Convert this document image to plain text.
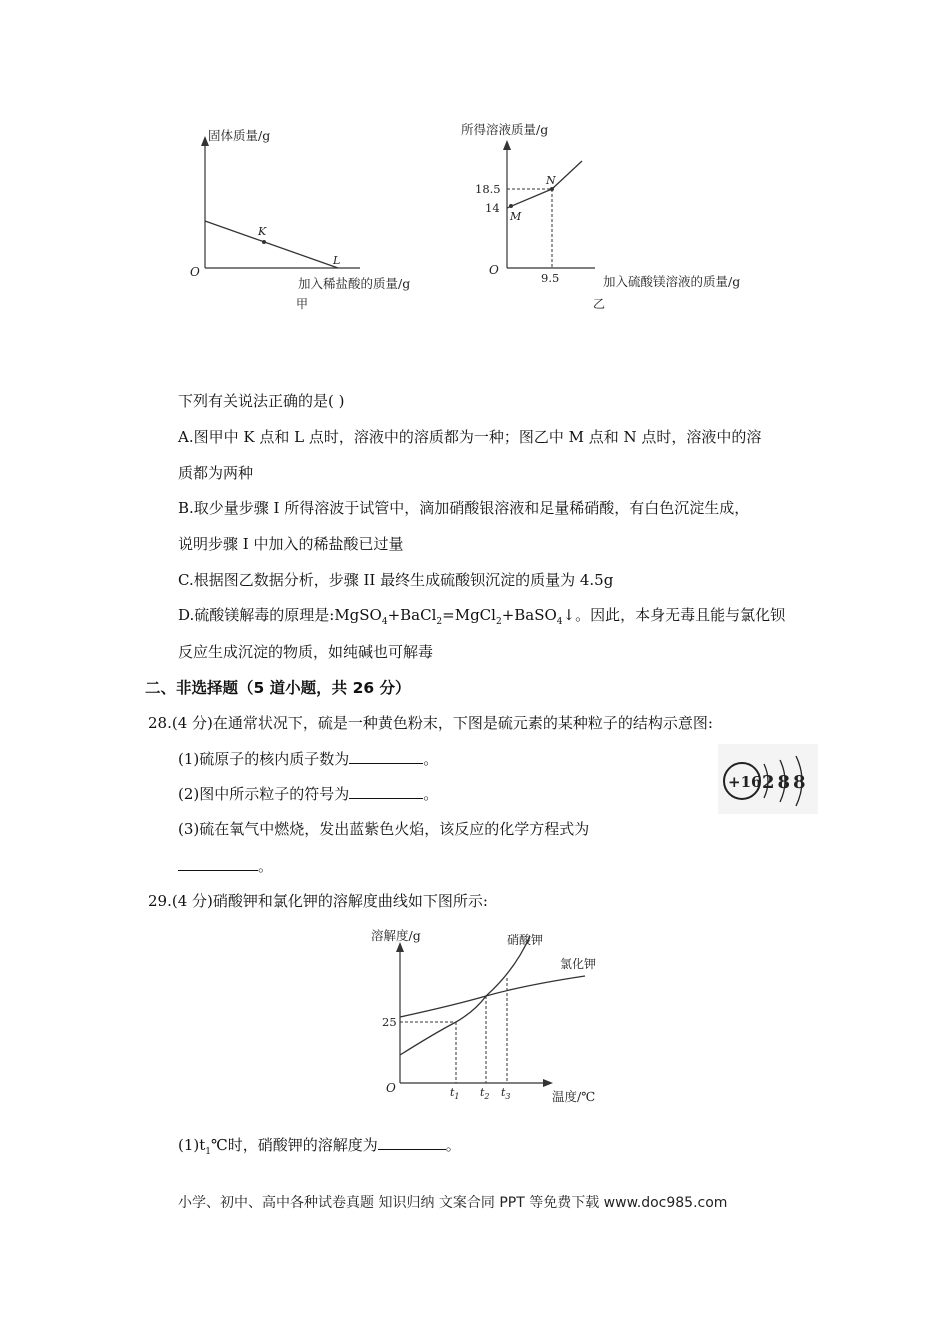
固体质量/g
O
K
L
加入稀盐酸的质量/g
甲
所得溶液质量/g
18.5
14
M
N
O
9.5	加入硫酸镁溶液的质量/g
乙
下列有关说法正确的是( )
A.图甲中 K 点和 L 点时，溶液中的溶质都为一种；图乙中 M 点和 N 点时，溶液中的溶
质都为两种
B.取少量步骤 I 所得溶波于试管中，滴加硝酸银溶液和足量稀硝酸，有白色沉淀生成，
说明步骤 I 中加入的稀盐酸已过量
C.根据图乙数据分析，步骤 II 最终生成硫酸钡沉淀的质量为 4.5g
D.硫酸镁解毒的原理是:MgSO$_4$+BaCl$_2$=MgCl$_2$+BaSO$_4$↓。因此，本身无毒且能与氯化钡
反应生成沉淀的物质，如纯碱也可解毒
二、非选择题（5 道小题，共 26 分）
28.(4 分)在通常状况下，硫是一种黄色粉末，下图是硫元素的某种粒子的结构示意图:
(1)硫原子的核内质子数为	。
(2)图中所示粒子的符号为	。
(3)硫在氧气中燃烧，发出蓝紫色火焰，该反应的化学方程式为
。
+16 288
29.(4 分)硝酸钾和氯化钾的溶解度曲线如下图所示:
溶解度/g
25
O	$t_1$ $t_2$ $t_3$	温度/℃
硝酸钾
氯化钾
$(1)t_1℃$时，硝酸钾的溶解度为	。
小学、初中、高中各种试卷真题 知识归纳 文案合同 PPT 等免费下载 www.doc985.com
